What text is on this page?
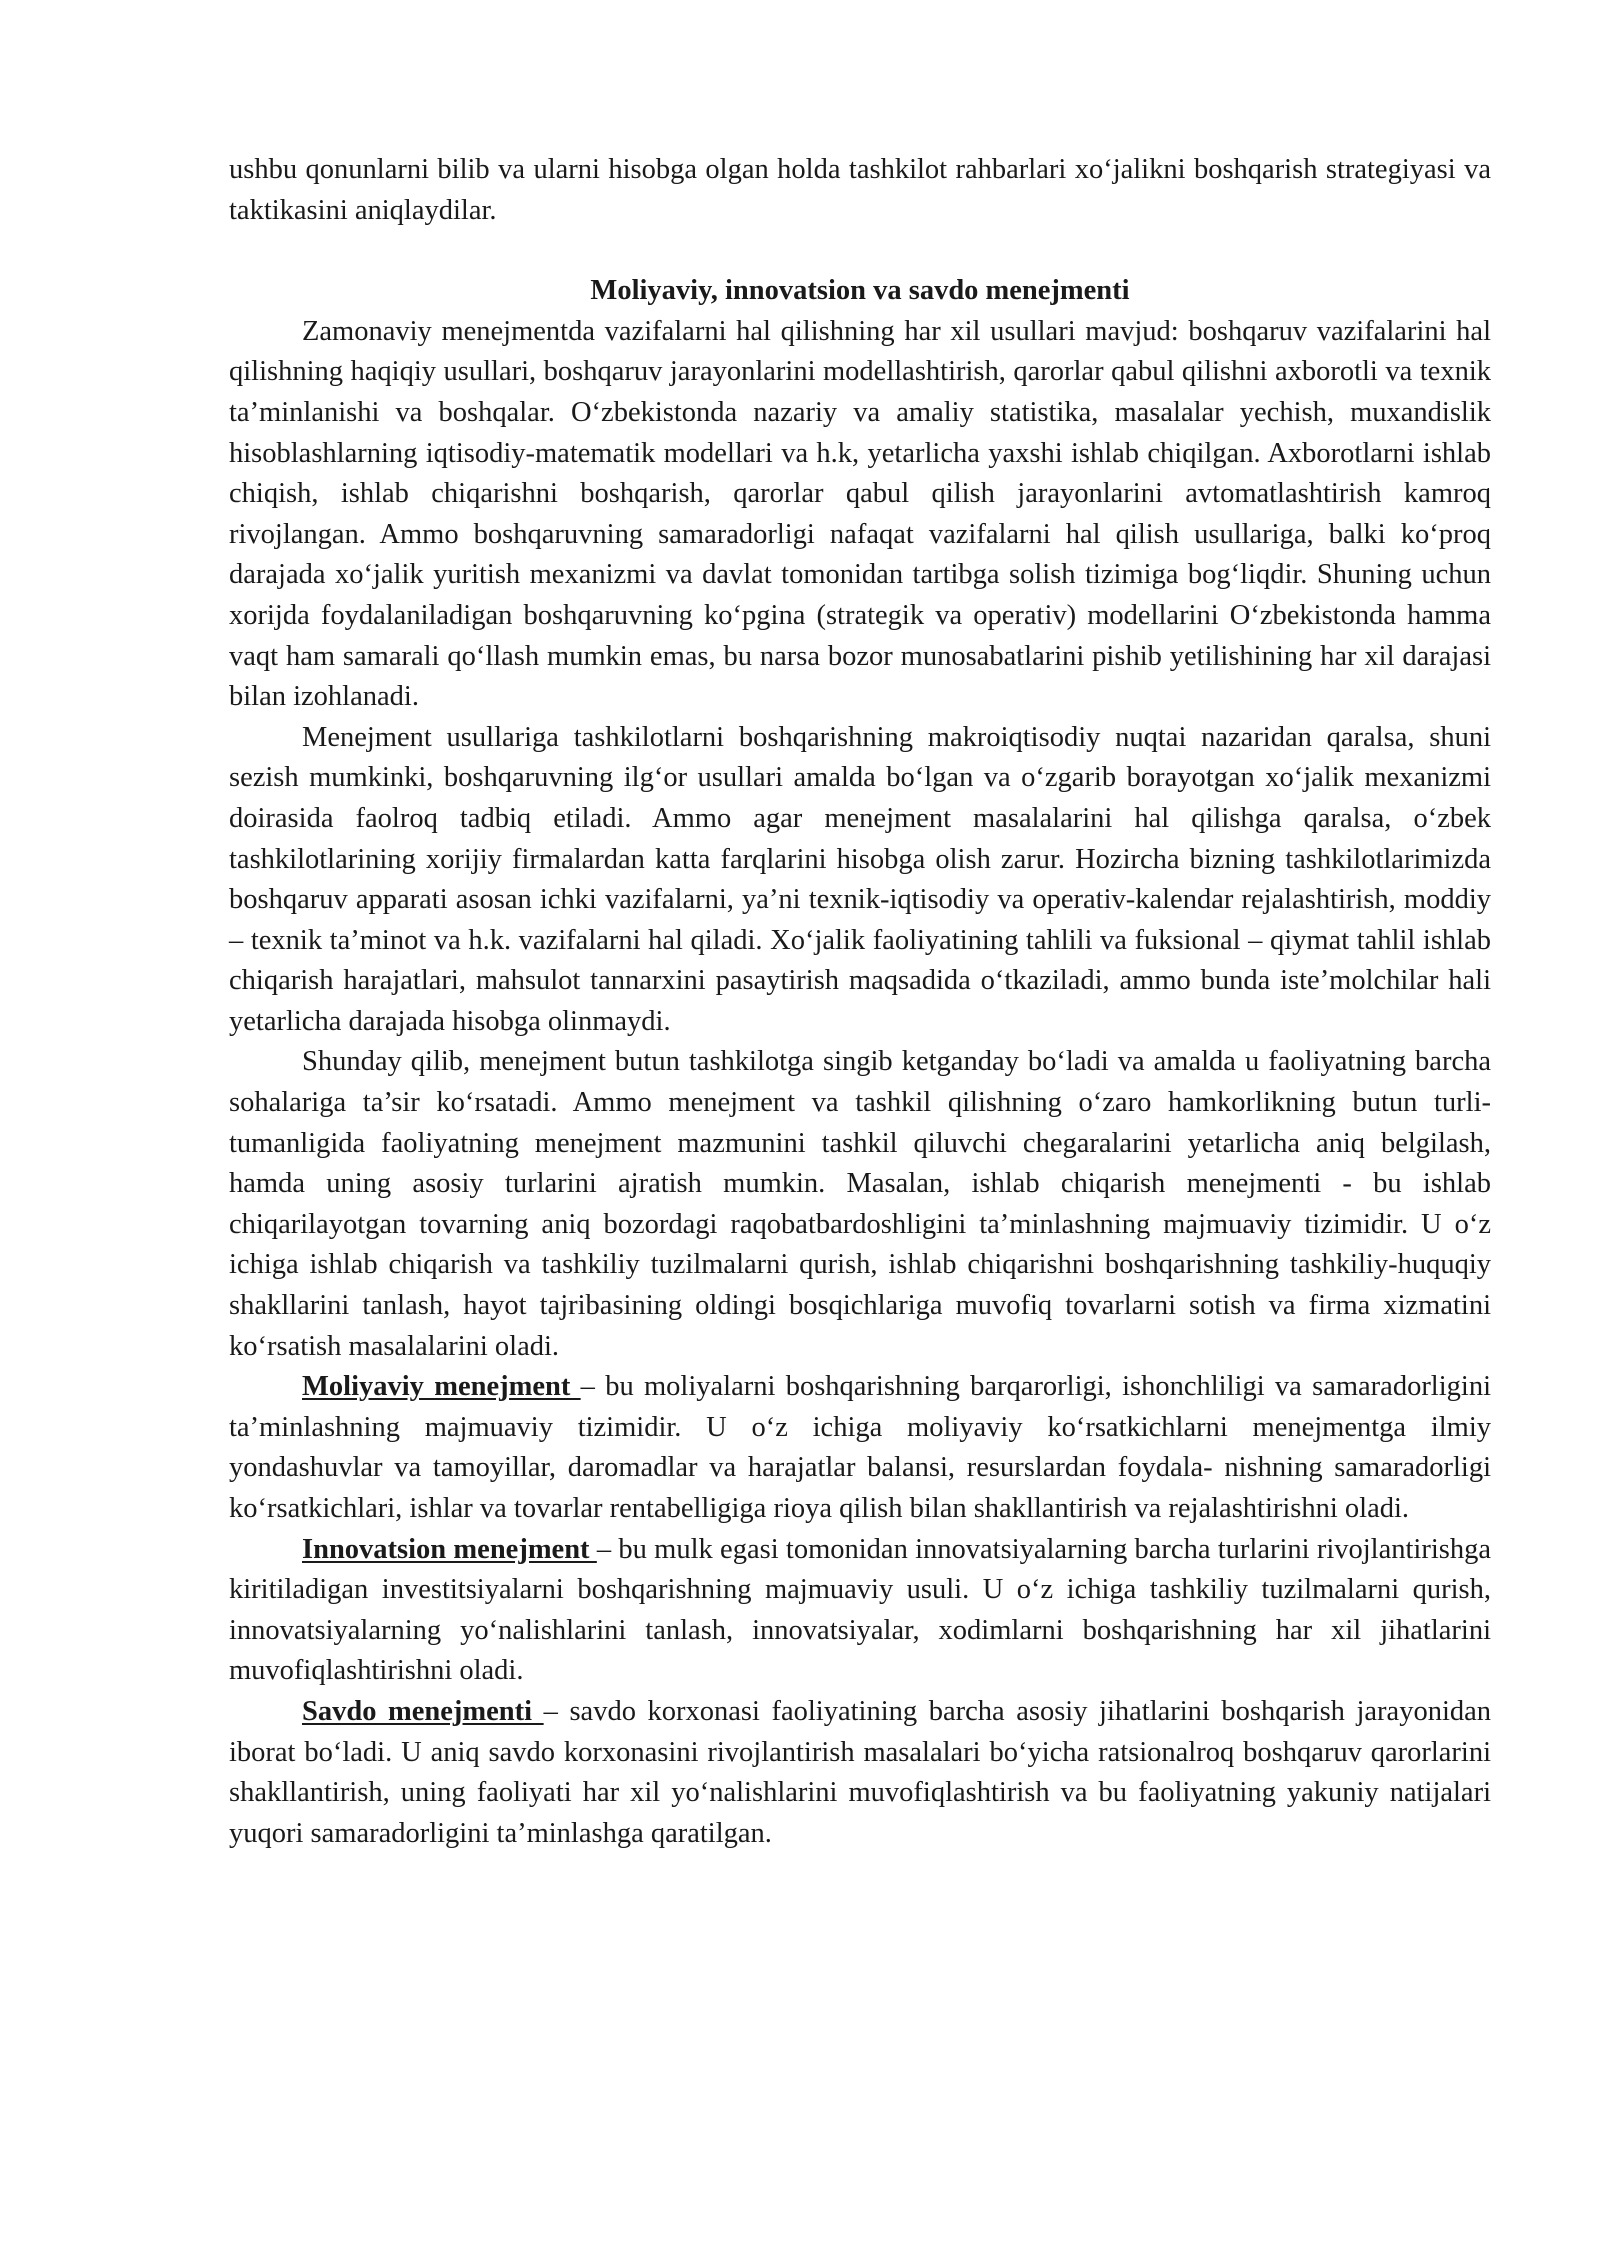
ushbu qonunlarni bilib va ularni hisobga olgan holda tashkilot rahbarlari xo‘jalikni boshqarish strategiyasi va taktikasini aniqlaydilar.

Moliyaviy, innovatsion va savdo menejmenti

Zamonaviy menejmentda vazifalarni hal qilishning har xil usullari mavjud: boshqaruv vazifalarini hal qilishning haqiqiy usullari, boshqaruv jarayonlarini modellashtirish, qarorlar qabul qilishni axborotli va texnik ta’minlanishi va boshqalar. O‘zbekistonda nazariy va amaliy statistika, masalalar yechish, muxandislik hisoblashlarning iqtisodiy-matematik modellari va h.k, yetarlicha yaxshi ishlab chiqilgan. Axborotlarni ishlab chiqish, ishlab chiqarishni boshqarish, qarorlar qabul qilish jarayonlarini avtomatlashtirish kamroq rivojlangan. Ammo boshqaruvning samaradorligi nafaqat vazifalarni hal qilish usullariga, balki ko‘proq darajada xo‘jalik yuritish mexanizmi va davlat tomonidan tartibga solish tizimiga bog‘liqdir. Shuning uchun xorijda foydalaniladigan boshqaruvning ko‘pgina (strategik va operativ) modellarini O‘zbekistonda hamma vaqt ham samarali qo‘llash mumkin emas, bu narsa bozor munosabatlarini pishib yetilishining har xil darajasi bilan izohlanadi.

Menejment usullariga tashkilotlarni boshqarishning makroiqtisodiy nuqtai nazaridan qaralsa, shuni sezish mumkinki, boshqaruvning ilg‘or usullari amalda bo‘lgan va o‘zgarib borayotgan xo‘jalik mexanizmi doirasida faolroq tadbiq etiladi. Ammo agar menejment masalalarini hal qilishga qaralsa, o‘zbek tashkilotlarining xorijiy firmalardan katta farqlarini hisobga olish zarur. Hozircha bizning tashkilotlarimizda boshqaruv apparati asosan ichki vazifalarni, ya’ni texnik-iqtisodiy va operativ-kalendar rejalashtirish, moddiy – texnik ta’minot va h.k. vazifalarni hal qiladi. Xo‘jalik faoliyatining tahlili va fuksional – qiymat tahlil ishlab chiqarish harajatlari, mahsulot tannarxini pasaytirish maqsadida o‘tkaziladi, ammo bunda iste’molchilar hali yetarlicha darajada hisobga olinmaydi.

Shunday qilib, menejment butun tashkilotga singib ketganday bo‘ladi va amalda u faoliyatning barcha sohalariga ta’sir ko‘rsatadi. Ammo menejment va tashkil qilishning o‘zaro hamkorlikning butun turli-tumanligida faoliyatning menejment mazmunini tashkil qiluvchi chegaralarini yetarlicha aniq belgilash, hamda uning asosiy turlarini ajratish mumkin. Masalan, ishlab chiqarish menejmenti - bu ishlab chiqarilayotgan tovarning aniq bozordagi raqobatbardoshligini ta’minlashning majmuaviy tizimidir. U o‘z ichiga ishlab chiqarish va tashkiliy tuzilmalarni qurish, ishlab chiqarishni boshqarishning tashkiliy-huquqiy shakllarini tanlash, hayot tajribasining oldingi bosqichlariga muvofiq tovarlarni sotish va firma xizmatini ko‘rsatish masalalarini oladi.

Moliyaviy menejment – bu moliyalarni boshqarishning barqarorligi, ishonchliligi va samaradorligini ta’minlashning majmuaviy tizimidir. U o‘z ichiga moliyaviy ko‘rsatkichlarni menejmentga ilmiy yondashuvlar va tamoyillar, daromadlar va harajatlar balansi, resurslardan foydala- nishning samaradorligi ko‘rsatkichlari, ishlar va tovarlar rentabelligiga rioya qilish bilan shakllantirish va rejalashtirishni oladi.

Innovatsion menejment – bu mulk egasi tomonidan innovatsiyalarning barcha turlarini rivojlantirishga kiritiladigan investitsiyalarni boshqarishning majmuaviy usuli. U o‘z ichiga tashkiliy tuzilmalarni qurish, innovatsiyalarning yo‘nalishlarini tanlash, innovatsiyalar, xodimlarni boshqarishning har xil jihatlarini muvofiqlashtirishni oladi.

Savdo menejmenti – savdo korxonasi faoliyatining barcha asosiy jihatlarini boshqarish jarayonidan iborat bo‘ladi. U aniq savdo korxonasini rivojlantirish masalalari bo‘yicha ratsionalroq boshqaruv qarorlarini shakllantirish, uning faoliyati har xil yo‘nalishlarini muvofiqlashtirish va bu faoliyatning yakuniy natijalari yuqori samaradorligini ta’minlashga qaratilgan.
